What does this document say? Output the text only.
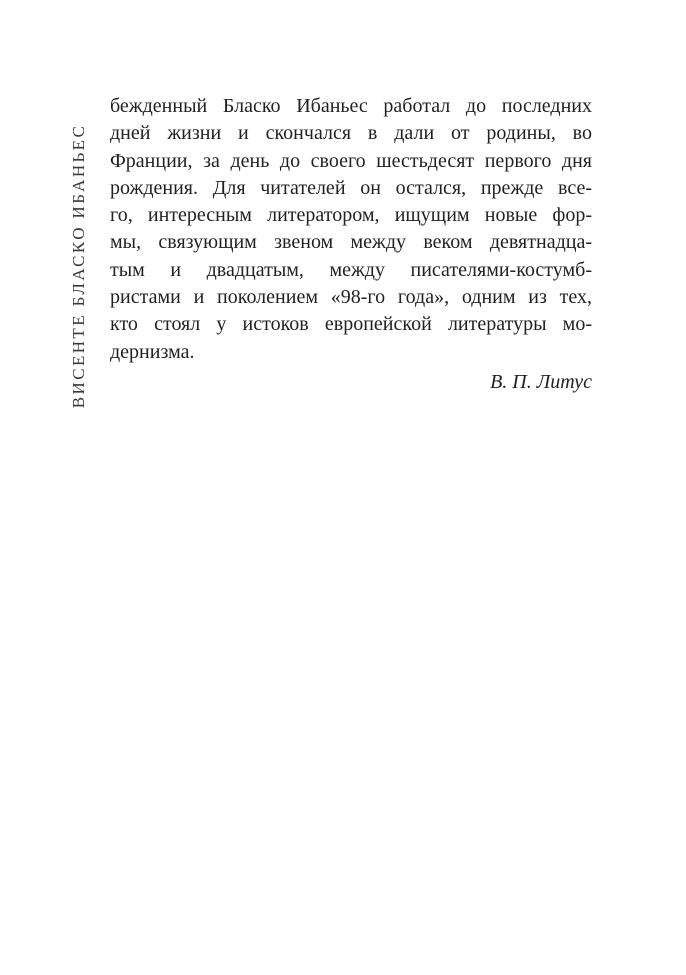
ВИСЕНТЕ БЛАСКО ИБАНЬЕС
бежденный Бласко Ибаньес работал до последних
дней жизни и скончался в дали от родины, во
Франции, за день до своего шестьдесят первого дня
рождения. Для читателей он остался, прежде все-
го, интересным литератором, ищущим новые фор-
мы, связующим звеном между веком девятнадца-
тым и двадцатым, между писателями-костумб-
ристами и поколением «98-го года», одним из тех,
кто стоял у истоков европейской литературы мо-
дернизма.
В. П. Литус
